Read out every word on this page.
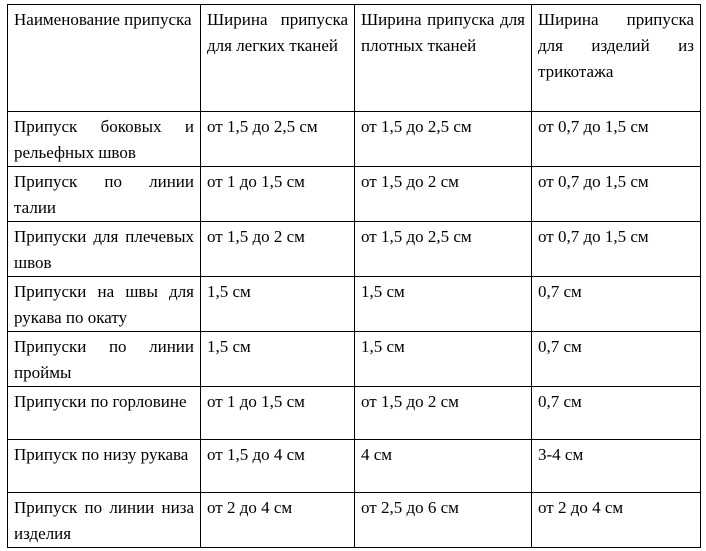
Наименование припуска	Ширина припуска для легких тканей	Ширина припуска для плотных тканей	Ширина припуска для изделий из трикотажа

Припуск боковых и рельефных швов	от 1,5 до 2,5 см	от 1,5 до 2,5 см	от 0,7 до 1,5 см

Припуск по линии талии	от 1 до 1,5 см	от 1,5 до 2 см	от 0,7 до 1,5 см

Припуски для плечевых швов	от 1,5 до 2 см	от 1,5 до 2,5 см	от 0,7 до 1,5 см

Припуски на швы для рукава по окату	1,5 см	1,5 см	0,7 см

Припуски по линии проймы	1,5 см	1,5 см	0,7 см

Припуски по горловине	от 1 до 1,5 см	от 1,5 до 2 см	0,7 см

Припуск по низу рукава	от 1,5 до 4 см	4 см	3-4 см

Припуск по линии низа изделия	от 2 до 4 см	от 2,5 до 6 см	от 2 до 4 см
